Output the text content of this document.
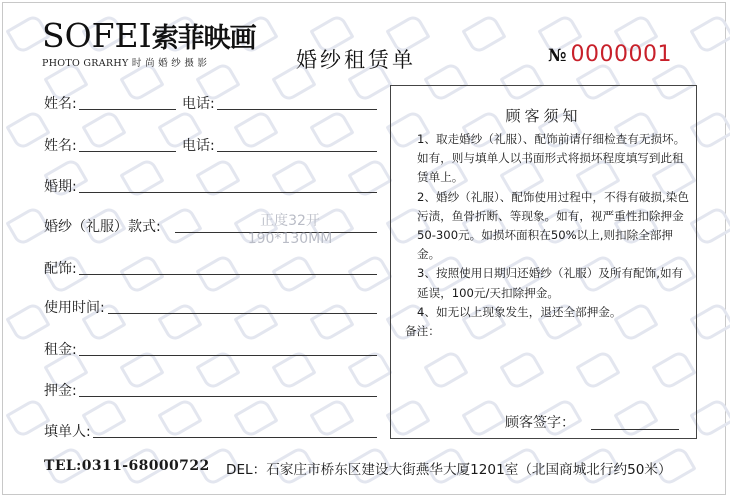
SOFEI索菲映画
PHOTO GRARHY 时 尚 婚 纱 摄 影	婚纱租赁单	№ 0000001
姓名:	电话:
姓名:	电话:
婚期:
婚纱（礼服）款式:	正度32开
190*130MM
配饰:
使用时间:
租金:
押金:
填单人:
顾客须知

1、取走婚纱（礼服）、配饰前请仔细检查有无损坏。如有，则与填单人以书面形式将损坏程度填写到此租赁单上。

2、婚纱（礼服）、配饰使用过程中，不得有破损,染色污渍，鱼骨折断、等现象。如有，视严重性扣除押金50-300元。如损坏面积在50%以上,则扣除全部押金。

3、按照使用日期归还婚纱（礼服）及所有配饰,如有延误，100元/天扣除押金。

4、如无以上现象发生，退还全部押金。

备注：
顾客签字：
TEL:0311-68000722 DEL：石家庄市桥东区建设大街燕华大厦1201室（北国商城北行约50米）
